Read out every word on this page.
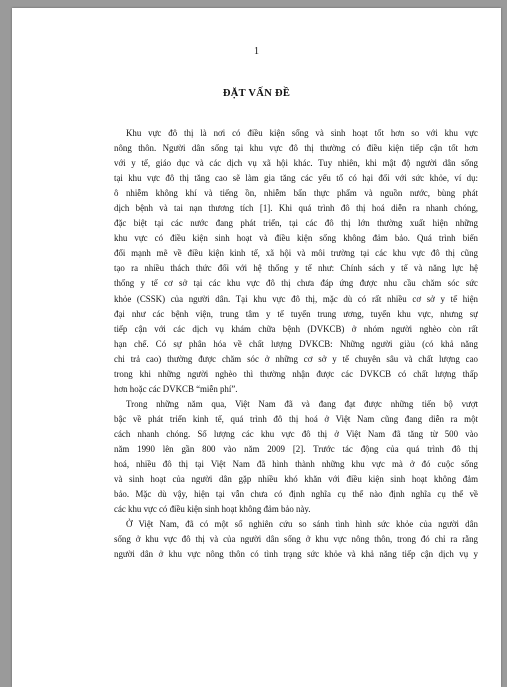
1
ĐẶT VẤN ĐỀ

Khu vực đô thị là nơi có điều kiện sống và sinh hoạt tốt hơn so với khu vực
nông thôn. Người dân sống tại khu vực đô thị thường có điều kiện tiếp cận tốt hơn
với y tế, giáo dục và các dịch vụ xã hội khác. Tuy nhiên, khi mật độ người dân sống
tại khu vực đô thị tăng cao sẽ làm gia tăng các yếu tố có hại đối với sức khỏe, ví dụ:
ô nhiễm không khí và tiếng ồn, nhiễm bẩn thực phẩm và nguồn nước, bùng phát
dịch bệnh và tai nạn thương tích [1]. Khi quá trình đô thị hoá diễn ra nhanh chóng,
đặc biệt tại các nước đang phát triển, tại các đô thị lớn thường xuất hiện những
khu vực có điều kiện sinh hoạt và điều kiện sống không đảm bảo. Quá trình biến
đổi mạnh mẽ về điều kiện kinh tế, xã hội và môi trường tại các khu vực đô thị cũng
tạo ra nhiều thách thức đối với hệ thống y tế như: Chính sách y tế và năng lực hệ
thống y tế cơ sở tại các khu vực đô thị chưa đáp ứng được nhu cầu chăm sóc sức
khỏe (CSSK) của người dân. Tại khu vực đô thị, mặc dù có rất nhiều cơ sở y tế hiện
đại như các bệnh viện, trung tâm y tế tuyến trung ương, tuyến khu vực, nhưng sự
tiếp cận với các dịch vụ khám chữa bệnh (DVKCB) ở nhóm người nghèo còn rất
hạn chế. Có sự phân hóa về chất lượng DVKCB: Những người giàu (có khả năng
chi trả cao) thường được chăm sóc ở những cơ sở y tế chuyên sâu và chất lượng cao
trong khi những người nghèo thì thường nhận được các DVKCB có chất lượng thấp
hơn hoặc các DVKCB “miễn phí”.

Trong những năm qua, Việt Nam đã và đang đạt được những tiến bộ vượt
bậc về phát triển kinh tế, quá trình đô thị hoá ở Việt Nam cũng đang diễn ra một
cách nhanh chóng. Số lượng các khu vực đô thị ở Việt Nam đã tăng từ 500 vào
năm 1990 lên gần 800 vào năm 2009 [2]. Trước tác động của quá trình đô thị
hoá, nhiều đô thị tại Việt Nam đã hình thành những khu vực mà ở đó cuộc sống
và sinh hoạt của người dân gặp nhiều khó khăn với điều kiện sinh hoạt không đảm
bảo. Mặc dù vậy, hiện tại vẫn chưa có định nghĩa cụ thể nào định nghĩa cụ thể về
các khu vực có điều kiện sinh hoạt không đảm bảo này.

Ở Việt Nam, đã có một số nghiên cứu so sánh tình hình sức khỏe của người dân
sống ở khu vực đô thị và của người dân sống ở khu vực nông thôn, trong đó chỉ ra rằng
người dân ở khu vực nông thôn có tình trạng sức khỏe và khả năng tiếp cận dịch vụ y
